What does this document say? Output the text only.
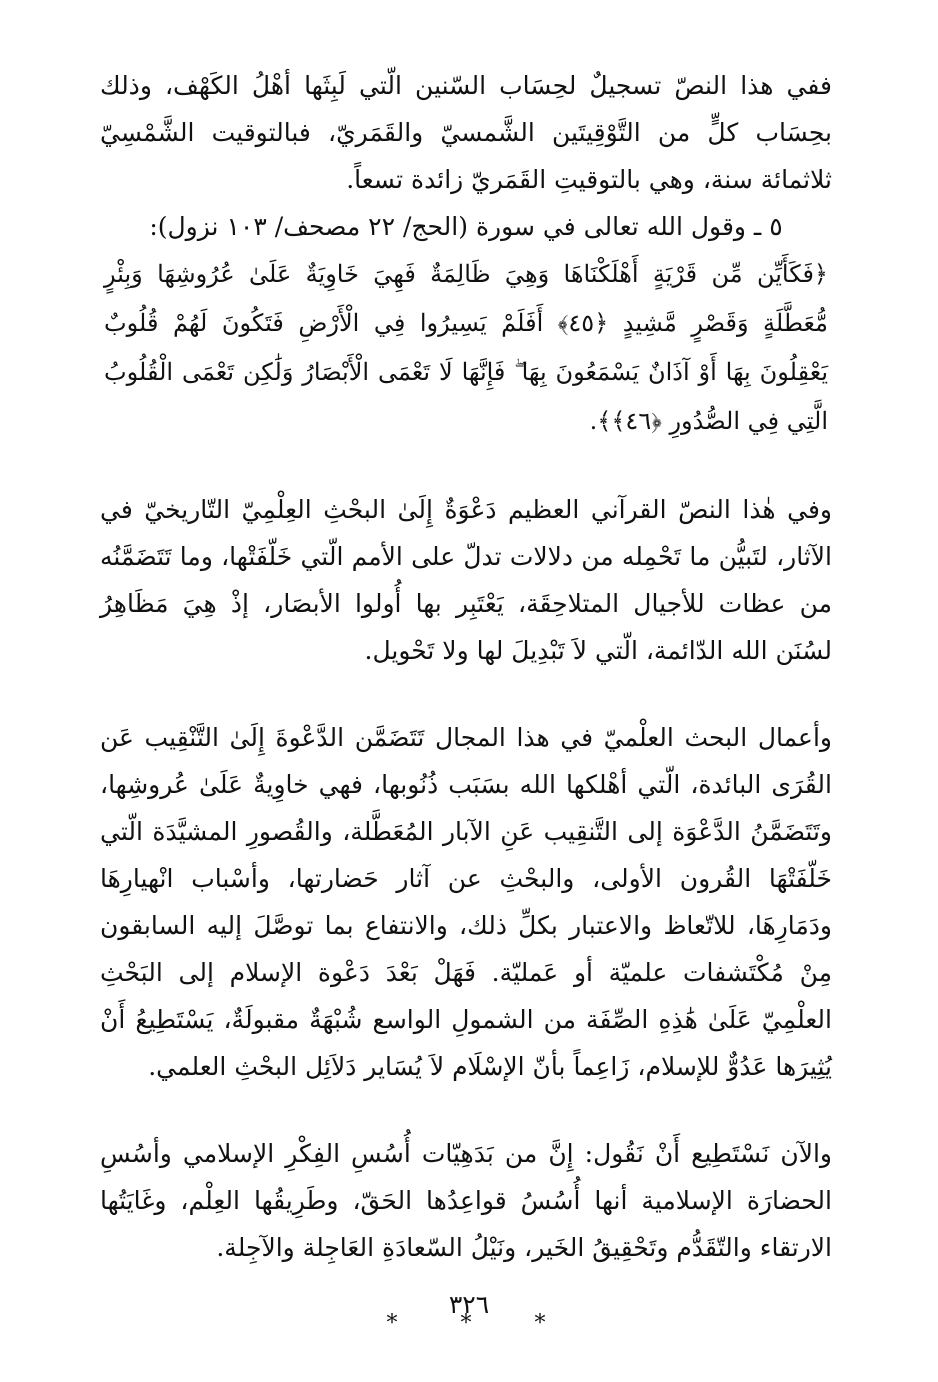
ففي هذا النصّ تسجيلٌ لحِسَاب السّنين الّتي لَبِثَها أهْلُ الكَهْف، وذلك بحِسَاب كلٍّ من التَّوْقِيتَين الشَّمسيّ والقَمَريّ، فبالتوقيت الشَّمْسِيّ ثلاثمائة سنة، وهي بالتوقيتِ القَمَريّ زائدة تسعاً.

٥ ـ وقول الله تعالى في سورة (الحج/ ٢٢ مصحف/ ١٠٣ نزول):

﴿فَكَأَيِّن مِّن قَرْيَةٍ أَهْلَكْنَاهَا وَهِيَ ظَالِمَةٌ فَهِيَ خَاوِيَةٌ عَلَىٰ عُرُوشِهَا وَبِئْرٍ مُّعَطَّلَةٍ وَقَصْرٍ مَّشِيدٍ ﴿٤٥﴾ أَفَلَمْ يَسِيرُوا فِي الْأَرْضِ فَتَكُونَ لَهُمْ قُلُوبٌ يَعْقِلُونَ بِهَا أَوْ آذَانٌ يَسْمَعُونَ بِهَا ۖ فَإِنَّهَا لَا تَعْمَى الْأَبْصَارُ وَلَٰكِن تَعْمَى الْقُلُوبُ الَّتِي فِي الصُّدُورِ ﴿٤٦﴾﴾.

وفي هٰذا النصّ القرآني العظيم دَعْوَةٌ إِلَىٰ البحْثِ العِلْمِيّ التّاريخيّ في الآثار، لتَبيُّن ما تَحْمِله من دلالات تدلّ على الأمم الّتي خَلّفَتْها، وما تَتَضَمَّنُه من عظات للأجيال المتلاحِقَة، يَعْتَبِر بها أُولوا الأبصَار، إذْ هِيَ مَظَاهِرُ لسُنَن الله الدّائمة، الّتي لاَ تَبْدِيلَ لها ولا تَحْويل.

وأعمال البحث العلْميّ في هذا المجال تَتَضَمَّن الدَّعْوةَ إِلَىٰ التَّنْقِيب عَن القُرَى البائدة، الّتي أهْلكها الله بسَبَب ذُنُوبها، فهي خاوِيةٌ عَلَىٰ عُروشِها، وتَتَضَمَّنُ الدَّعْوَة إلى التَّنقِيب عَنِ الآبار المُعَطَّلة، والقُصورِ المشيَّدَة الّتي خَلّفَتْهَا القُرون الأولى، والبحْثِ عن آثار حَضارتها، وأسْباب انْهيارِهَا ودَمَارِهَا، للاتّعاظ والاعتبار بكلِّ ذلك، والانتفاع بما توصَّلَ إليه السابقون مِنْ مُكْتَشفات علميّة أو عَمليّة. فَهَلْ بَعْدَ دَعْوة الإسلام إلى البَحْثِ العلْمِيّ عَلَىٰ هَٰذِهِ الصِّفَة من الشمولِ الواسع شُبْهَةٌ مقبولَةٌ، يَسْتَطِيعُ أَنْ يُثِيرَها عَدُوٌّ للإسلام، زَاعِماً بأنّ الإسْلَام لاَ يُسَاير دَلاَئِل البحْثِ العلمي.

والآن نَسْتَطِيع أَنْ نَقُول: إِنَّ من بَدَهِيّات أُسُسِ الفِكْرِ الإسلامي وأسُسِ الحضارَة الإسلامية أنها أُسُسُ قواعِدُها الحَقّ، وطَرِيقُها العِلْم، وغَايَتُها الارتقاء والتّقَدُّم وتَحْقِيقُ الخَير، ونَيْلُ السّعادَةِ العَاجِلة والآجِلة.

* * *
٣٢٦
